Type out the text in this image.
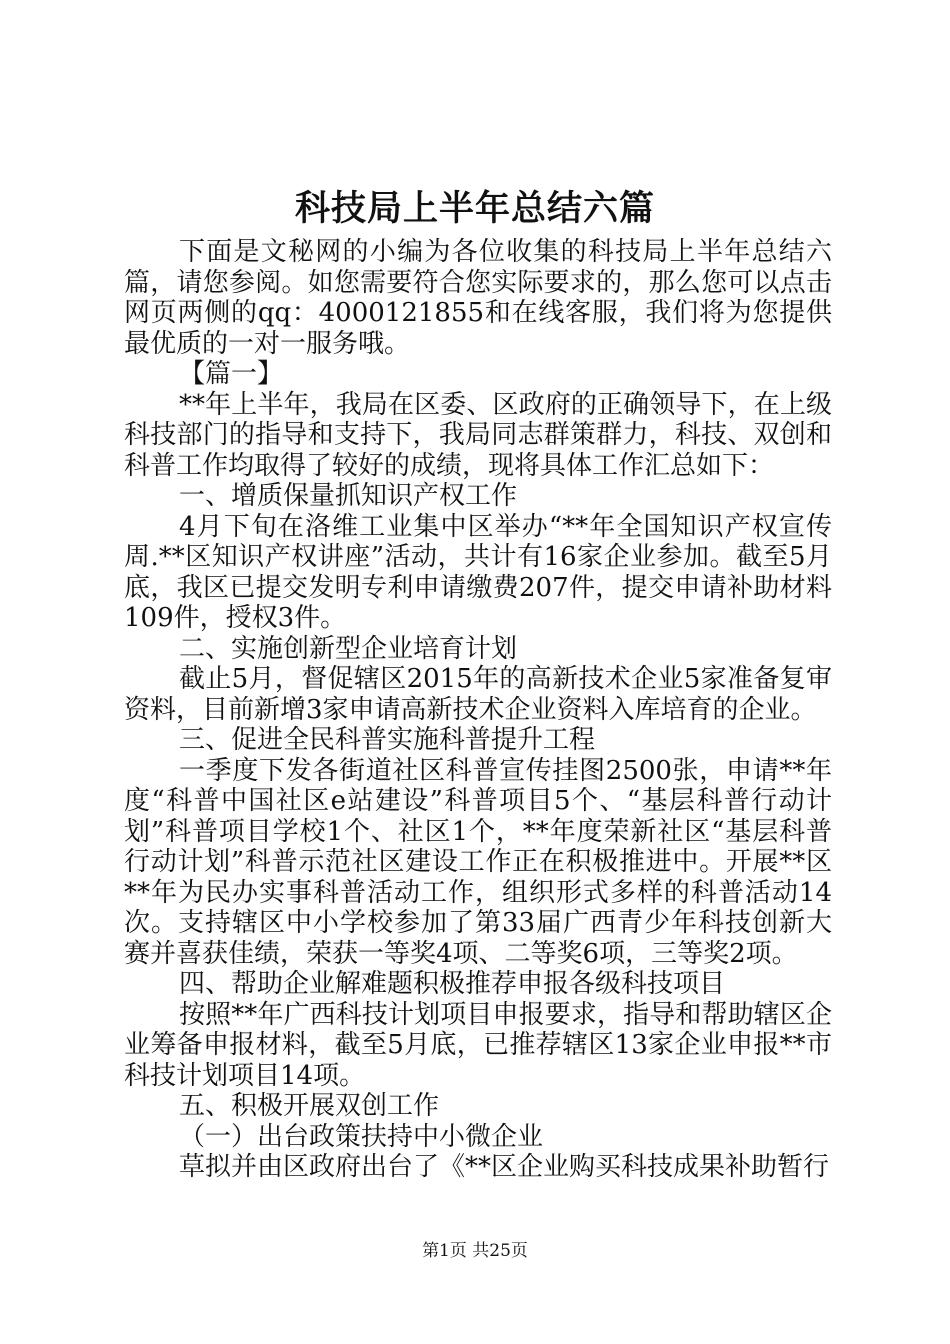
科技局上半年总结六篇

下面是文秘网的小编为各位收集的科技局上半年总结六篇，请您参阅。如您需要符合您实际要求的，那么您可以点击网页两侧的qq：4000121855和在线客服，我们将为您提供最优质的一对一服务哦。

【篇一】

**年上半年，我局在区委、区政府的正确领导下，在上级科技部门的指导和支持下，我局同志群策群力，科技、双创和科普工作均取得了较好的成绩，现将具体工作汇总如下：

一、增质保量抓知识产权工作

4月下旬在洛维工业集中区举办“**年全国知识产权宣传周.**区知识产权讲座”活动，共计有16家企业参加。截至5月底，我区已提交发明专利申请缴费207件，提交申请补助材料109件，授权3件。

二、实施创新型企业培育计划

截止5月，督促辖区2015年的高新技术企业5家准备复审资料，目前新增3家申请高新技术企业资料入库培育的企业。

三、促进全民科普实施科普提升工程

一季度下发各街道社区科普宣传挂图2500张，申请**年度“科普中国社区e站建设”科普项目5个、“基层科普行动计划”科普项目学校1个、社区1个，**年度荣新社区“基层科普行动计划”科普示范社区建设工作正在积极推进中。开展**区**年为民办实事科普活动工作，组织形式多样的科普活动14次。支持辖区中小学校参加了第33届广西青少年科技创新大赛并喜获佳绩，荣获一等奖4项、二等奖6项，三等奖2项。

四、帮助企业解难题积极推荐申报各级科技项目

按照**年广西科技计划项目申报要求，指导和帮助辖区企业筹备申报材料，截至5月底，已推荐辖区13家企业申报**市科技计划项目14项。

五、积极开展双创工作

（一）出台政策扶持中小微企业

草拟并由区政府出台了《**区企业购买科技成果补助暂行

第1页 共25页
